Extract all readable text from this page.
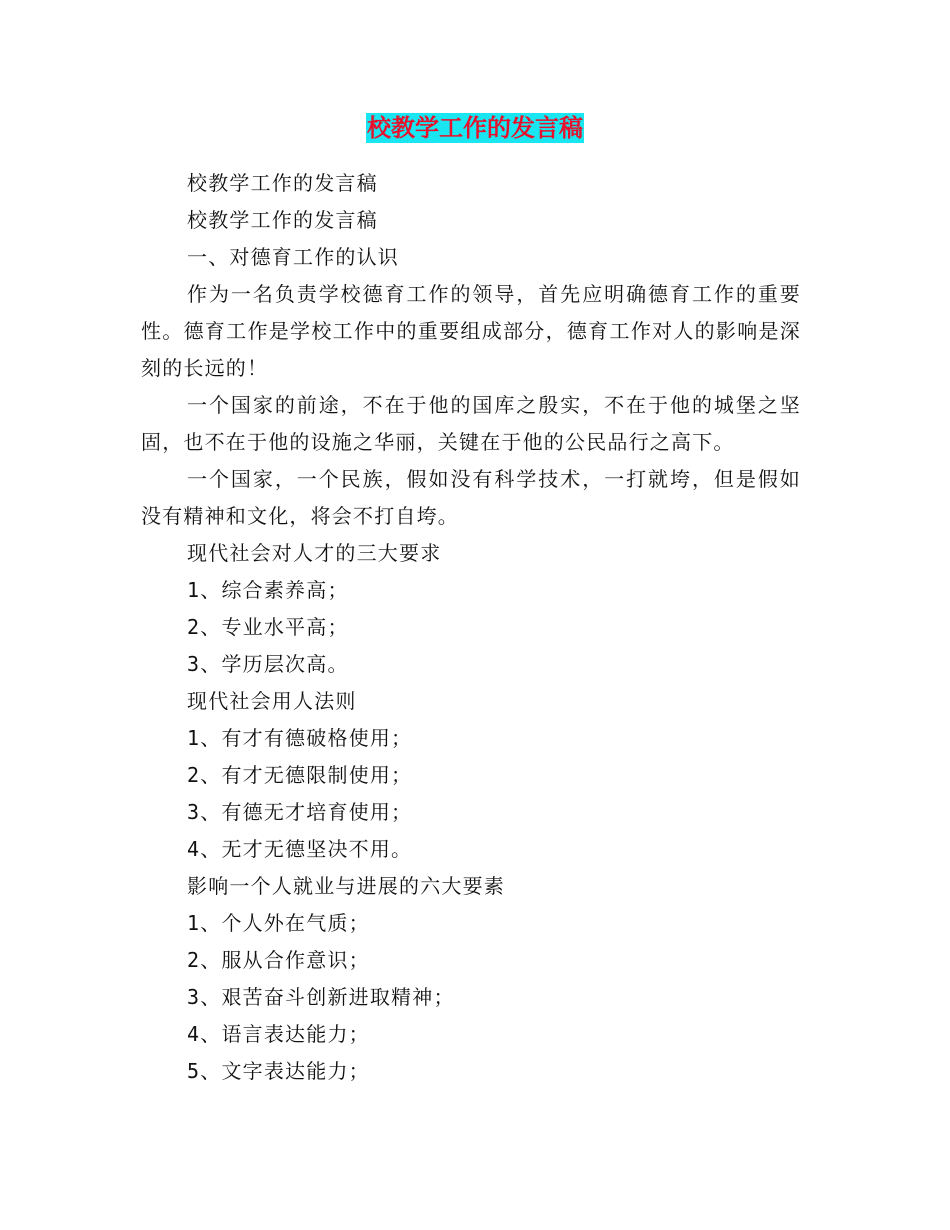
校教学工作的发言稿

校教学工作的发言稿

校教学工作的发言稿

一、对德育工作的认识

作为一名负责学校德育工作的领导，首先应明确德育工作的重要性。德育工作是学校工作中的重要组成部分，德育工作对人的影响是深刻的长远的！

一个国家的前途，不在于他的国库之殷实，不在于他的城堡之坚固，也不在于他的设施之华丽，关键在于他的公民品行之高下。

一个国家，一个民族，假如没有科学技术，一打就垮，但是假如没有精神和文化，将会不打自垮。

现代社会对人才的三大要求

1、综合素养高；

2、专业水平高；

3、学历层次高。

现代社会用人法则

1、有才有德破格使用；

2、有才无德限制使用；

3、有德无才培育使用；

4、无才无德坚决不用。

影响一个人就业与进展的六大要素

1、个人外在气质；

2、服从合作意识；

3、艰苦奋斗创新进取精神；

4、语言表达能力；

5、文字表达能力；
